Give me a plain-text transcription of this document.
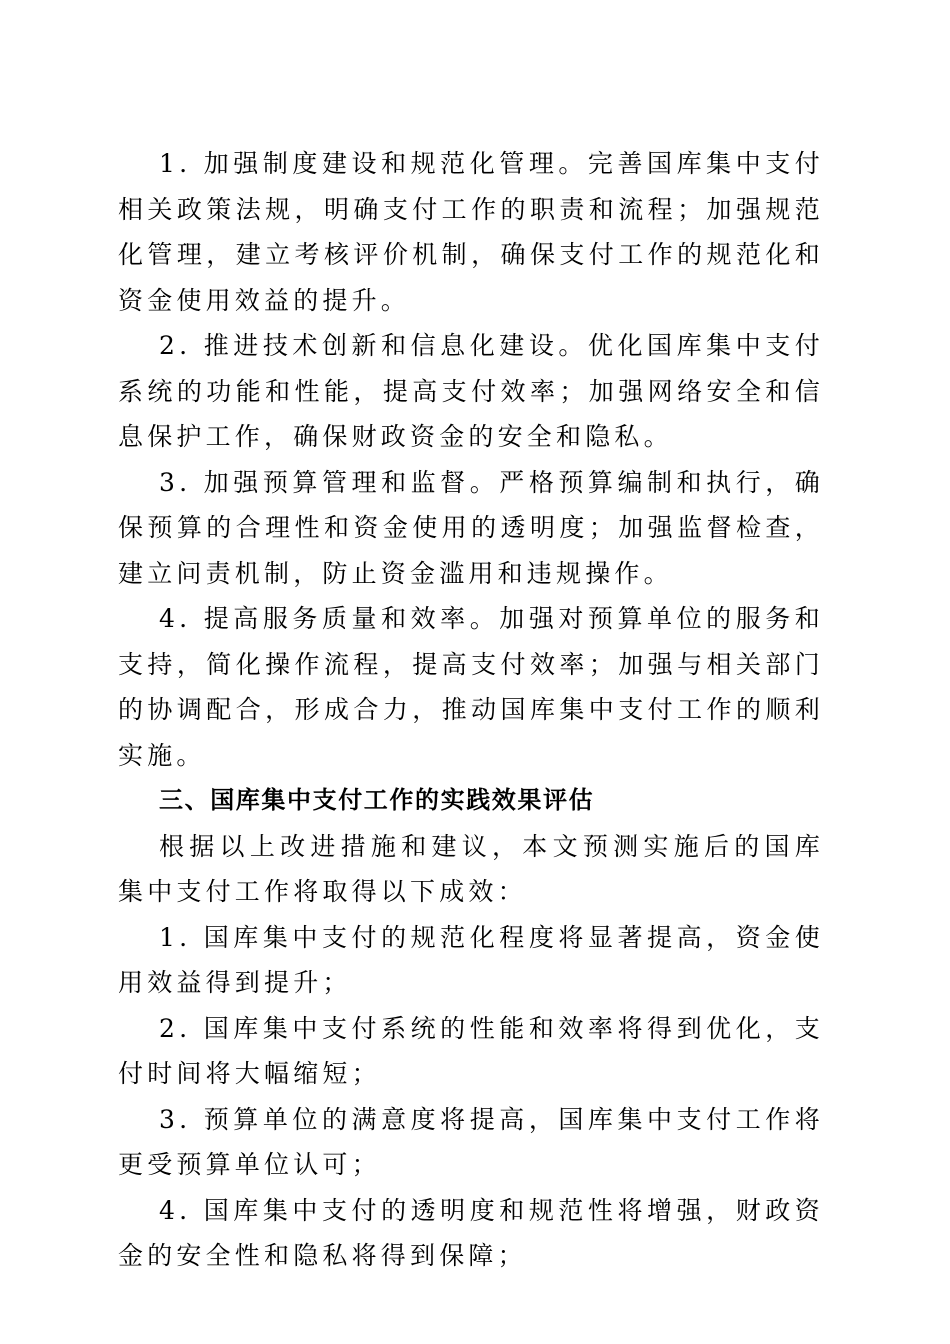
1. 加强制度建设和规范化管理。完善国库集中支付相关政策法规，明确支付工作的职责和流程；加强规范化管理，建立考核评价机制，确保支付工作的规范化和资金使用效益的提升。

2. 推进技术创新和信息化建设。优化国库集中支付系统的功能和性能，提高支付效率；加强网络安全和信息保护工作，确保财政资金的安全和隐私。

3. 加强预算管理和监督。严格预算编制和执行，确保预算的合理性和资金使用的透明度；加强监督检查，建立问责机制，防止资金滥用和违规操作。

4. 提高服务质量和效率。加强对预算单位的服务和支持，简化操作流程，提高支付效率；加强与相关部门的协调配合，形成合力，推动国库集中支付工作的顺利实施。

三、国库集中支付工作的实践效果评估

根据以上改进措施和建议，本文预测实施后的国库集中支付工作将取得以下成效：

1. 国库集中支付的规范化程度将显著提高，资金使用效益得到提升；

2. 国库集中支付系统的性能和效率将得到优化，支付时间将大幅缩短；

3. 预算单位的满意度将提高，国库集中支付工作将更受预算单位认可；

4. 国库集中支付的透明度和规范性将增强，财政资金的安全性和隐私将得到保障；
